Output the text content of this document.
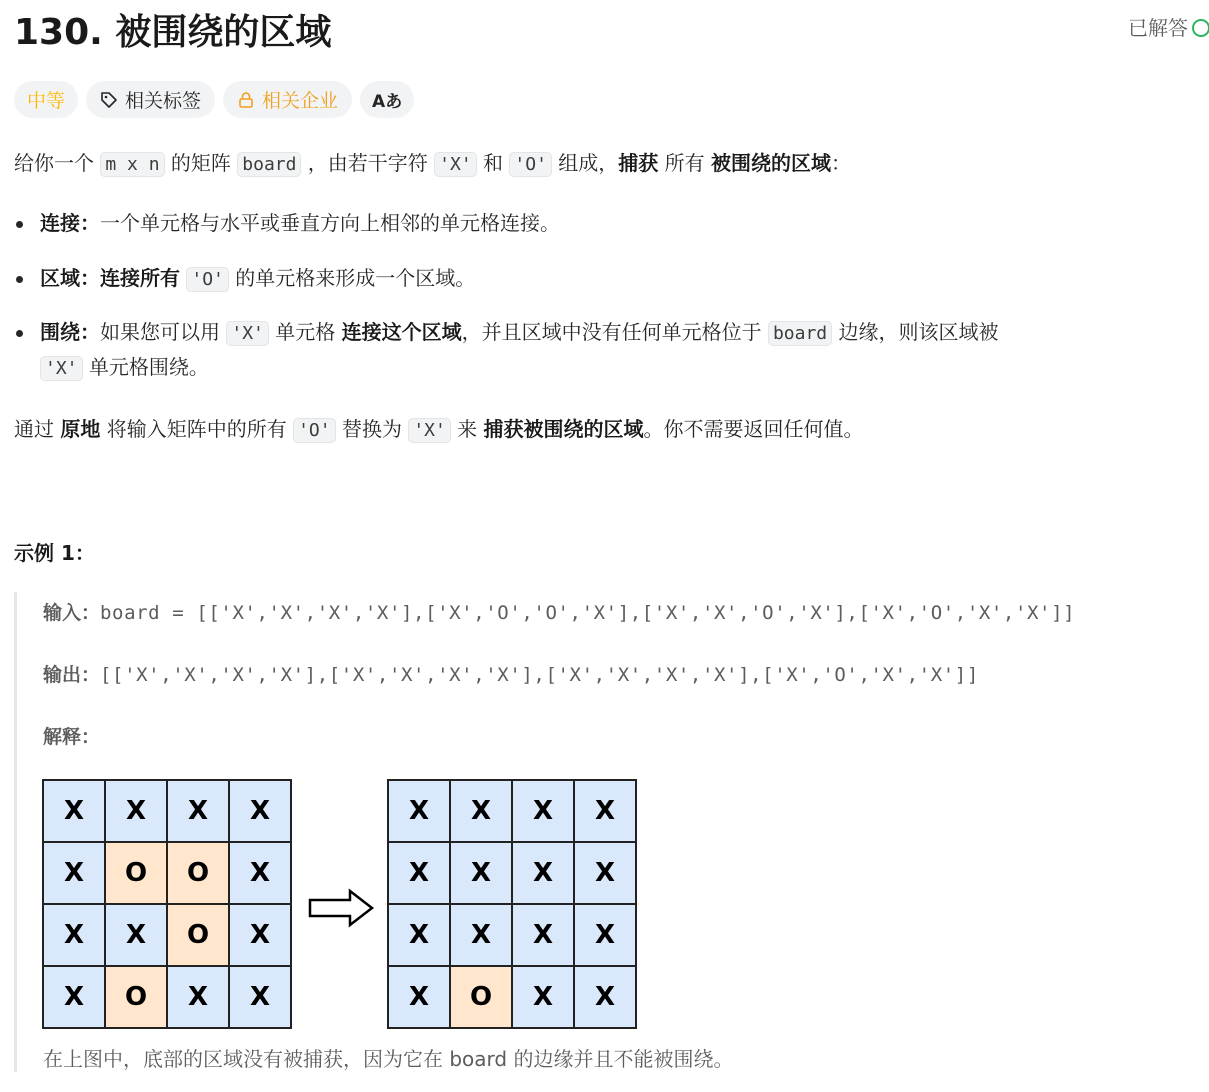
130. 被围绕的区域	已解答
中等	相关标签	相关企业 Aあ
给你一个 m x n 的矩阵 board ，由若干字符 'X' 和 'O' 组成，捕获 所有 被围绕的区域：
连接：一个单元格与水平或垂直方向上相邻的单元格连接。
区域：连接所有 'O' 的单元格来形成一个区域。
围绕：如果您可以用 'X' 单元格 连接这个区域，并且区域中没有任何单元格位于 board 边缘，则该区域被
'X' 单元格围绕。
通过 原地 将输入矩阵中的所有 'O' 替换为 'X' 来 捕获被围绕的区域。你不需要返回任何值。
示例 1：
输入：board = [['X','X','X','X'],['X','O','O','X'],['X','X','O','X'],['X','O','X','X']]
输出：[['X','X','X','X'],['X','X','X','X'],['X','X','X','X'],['X','O','X','X']]
解释：
X	X	X	X
X	O	O	X
X	X	O	X
X	O	X	X
X	X	X	X
X	X	X	X
X	X	X	X
X	O	X	X
在上图中，底部的区域没有被捕获，因为它在 board 的边缘并且不能被围绕。
